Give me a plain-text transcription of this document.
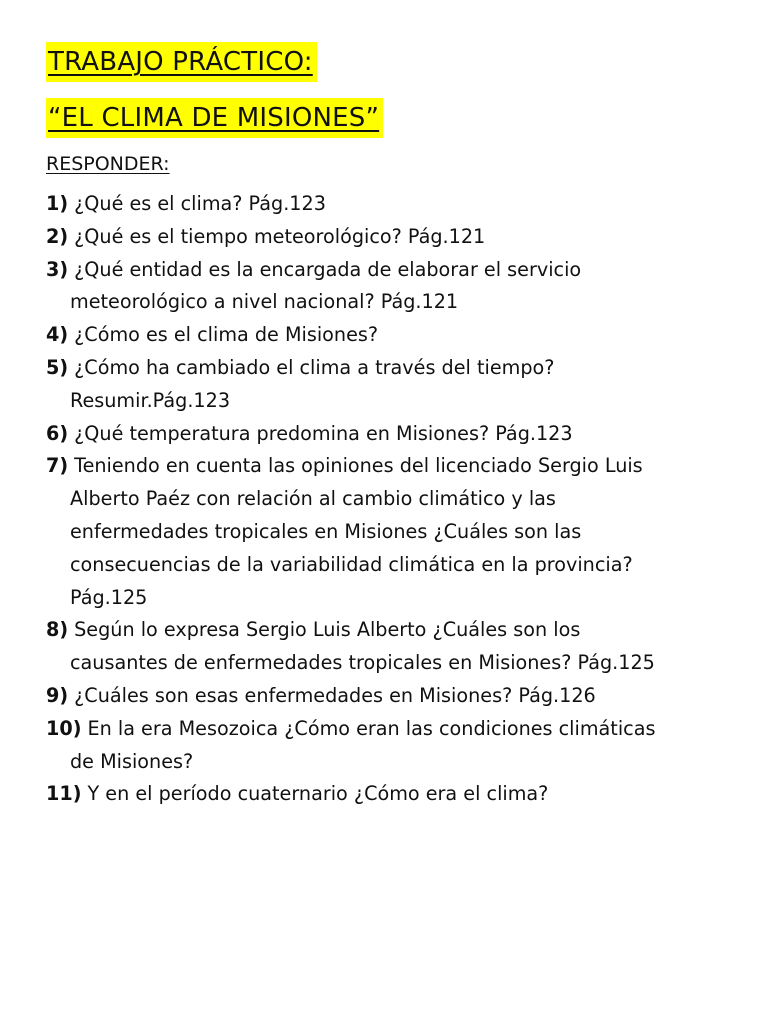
TRABAJO PRÁCTICO:
“EL CLIMA DE MISIONES”
RESPONDER:
1) ¿Qué es el clima? Pág.123
2) ¿Qué es el tiempo meteorológico? Pág.121
3) ¿Qué entidad es la encargada de elaborar el servicio
meteorológico a nivel nacional? Pág.121
4) ¿Cómo es el clima de Misiones?
5) ¿Cómo ha cambiado el clima a través del tiempo?
Resumir.Pág.123
6) ¿Qué temperatura predomina en Misiones? Pág.123
7) Teniendo en cuenta las opiniones del licenciado Sergio Luis
Alberto Paéz con relación al cambio climático y las
enfermedades tropicales en Misiones ¿Cuáles son las
consecuencias de la variabilidad climática en la provincia?
Pág.125
8) Según lo expresa Sergio Luis Alberto ¿Cuáles son los
causantes de enfermedades tropicales en Misiones? Pág.125
9) ¿Cuáles son esas enfermedades en Misiones? Pág.126
10) En la era Mesozoica ¿Cómo eran las condiciones climáticas
de Misiones?
11) Y en el período cuaternario ¿Cómo era el clima?
